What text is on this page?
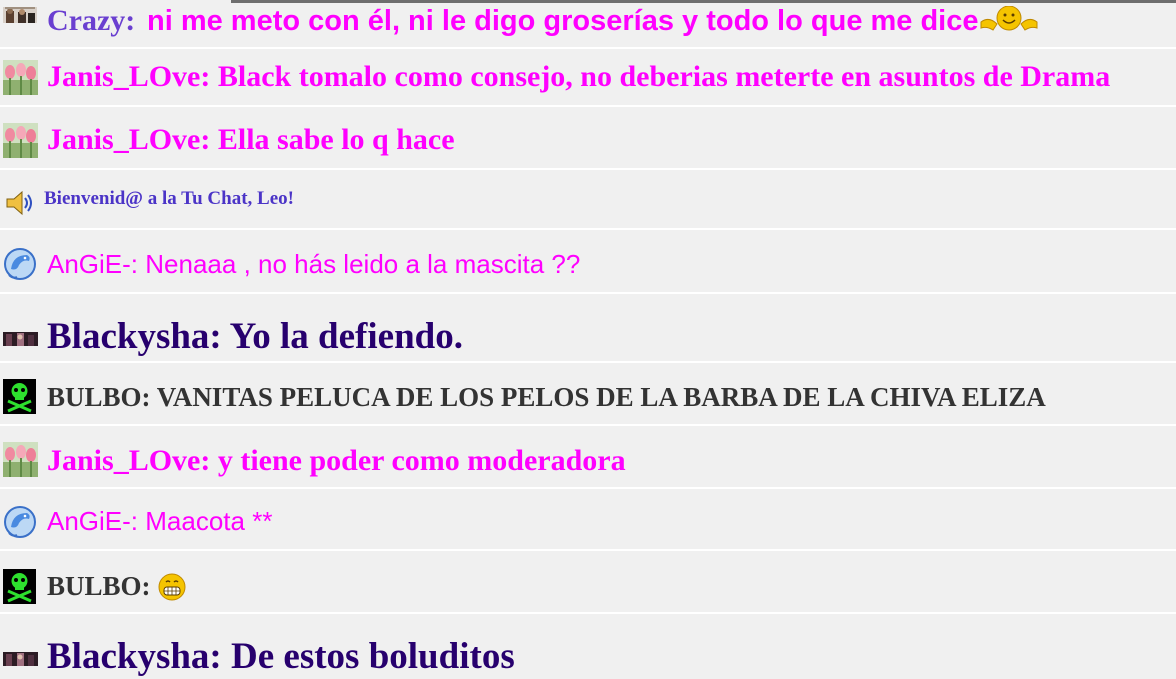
Crazy: ni me meto con él, ni le digo groserías y todo lo que me dice
Janis_LOve: Black tomalo como consejo, no deberias meterte en asuntos de Drama
Janis_LOve: Ella sabe lo q hace
Bienvenid@ a la Tu Chat, Leo!
AnGiE-: Nenaaa , no hás leido a la mascita ??
Blackysha: Yo la defiendo.
BULBO: VANITAS PELUCA DE LOS PELOS DE LA BARBA DE LA CHIVA ELIZA
Janis_LOve: y tiene poder como moderadora
AnGiE-: Maacota **
BULBO:
Blackysha: De estos boluditos
